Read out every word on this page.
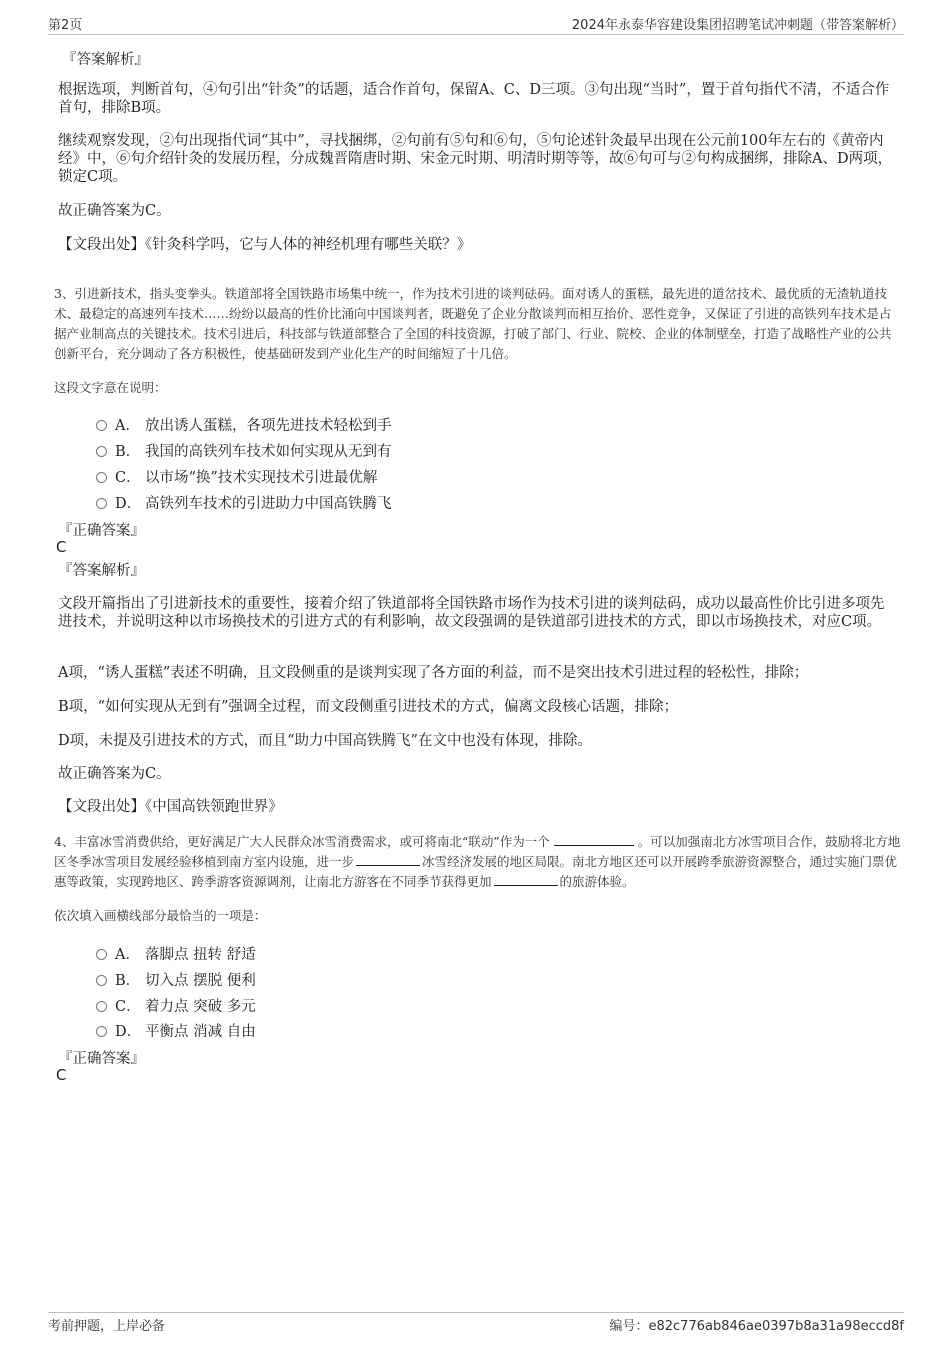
第2页	2024年永泰华容建设集团招聘笔试冲刺题（带答案解析）
『答案解析』
根据选项，判断首句，④句引出“针灸”的话题，适合作首句，保留A、C、D三项。③句出现“当时”，置于首句指代不清，不适合作首句，排除B项。
继续观察发现，②句出现指代词“其中”，寻找捆绑，②句前有⑤句和⑥句，⑤句论述针灸最早出现在公元前100年左右的《黄帝内经》中，⑥句介绍针灸的发展历程，分成魏晋隋唐时期、宋金元时期、明清时期等等，故⑥句可与②句构成捆绑，排除A、D两项，锁定C项。
故正确答案为C。
【文段出处】《针灸科学吗，它与人体的神经机理有哪些关联？》
3、引进新技术，指头变拳头。铁道部将全国铁路市场集中统一，作为技术引进的谈判砝码。面对诱人的蛋糕，最先进的道岔技术、最优质的无渣轨道技术、最稳定的高速列车技术……纷纷以最高的性价比涌向中国谈判者，既避免了企业分散谈判而相互抬价、恶性竞争，又保证了引进的高铁列车技术是占据产业制高点的关键技术。技术引进后，科技部与铁道部整合了全国的科技资源，打破了部门、行业、院校、企业的体制壁垒，打造了战略性产业的公共创新平台，充分调动了各方积极性，使基础研发到产业化生产的时间缩短了十几倍。
这段文字意在说明：
A． 放出诱人蛋糕，各项先进技术轻松到手
B． 我国的高铁列车技术如何实现从无到有
C． 以市场“换”技术实现技术引进最优解
D． 高铁列车技术的引进助力中国高铁腾飞
『正确答案』
C
『答案解析』
文段开篇指出了引进新技术的重要性，接着介绍了铁道部将全国铁路市场作为技术引进的谈判砝码，成功以最高性价比引进多项先进技术，并说明这种以市场换技术的引进方式的有利影响，故文段强调的是铁道部引进技术的方式，即以市场换技术，对应C项。
A项，“诱人蛋糕”表述不明确，且文段侧重的是谈判实现了各方面的利益，而不是突出技术引进过程的轻松性，排除；
B项，“如何实现从无到有”强调全过程，而文段侧重引进技术的方式，偏离文段核心话题，排除；
D项，未提及引进技术的方式，而且“助力中国高铁腾飞”在文中也没有体现，排除。
故正确答案为C。
【文段出处】《中国高铁领跑世界》
4、丰富冰雪消费供给，更好满足广大人民群众冰雪消费需求，或可将南北“联动”作为一个	。可以加强南北方冰雪项目合作，鼓励将北方地区冬季冰雪项目发展经验移植到南方室内设施，进一步	冰雪经济发展的地区局限。南北方地区还可以开展跨季旅游资源整合，通过实施门票优惠等政策，实现跨地区、跨季游客资源调剂，让南北方游客在不同季节获得更加	的旅游体验。
依次填入画横线部分最恰当的一项是：
A． 落脚点 扭转 舒适
B． 切入点 摆脱 便利
C． 着力点 突破 多元
D． 平衡点 消减 自由
『正确答案』
C
考前押题，上岸必备	编号：e82c776ab846ae0397b8a31a98eccd8f
